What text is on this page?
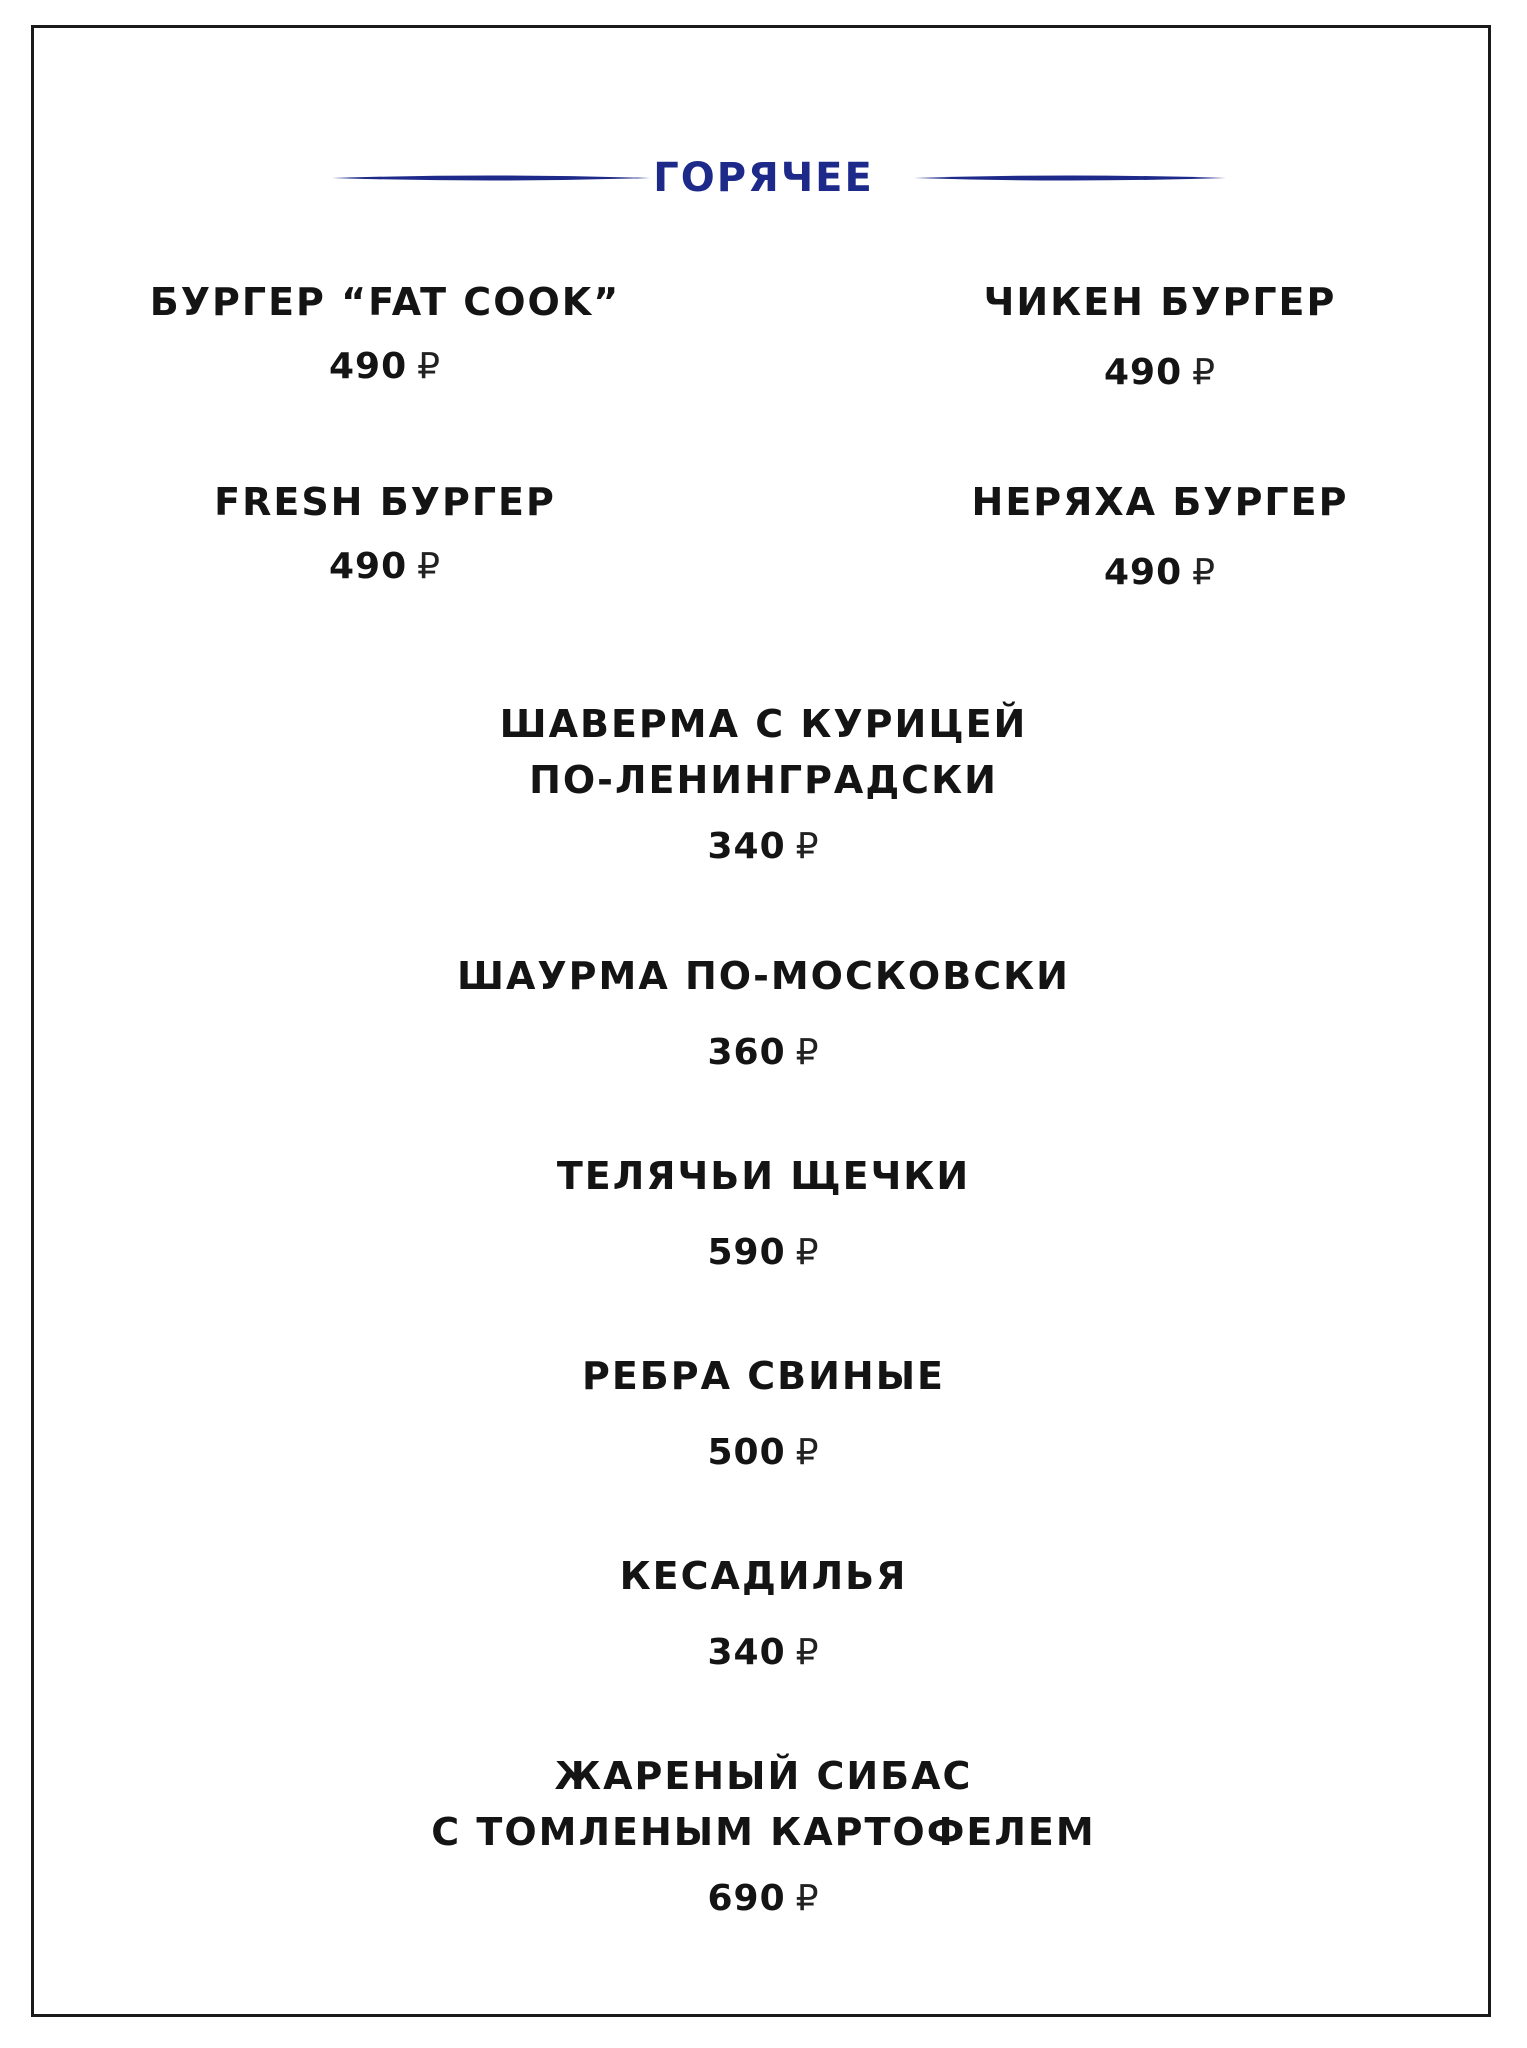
ГОРЯЧЕЕ
БУРГЕР “FAT COOK”
490 ₽
ЧИКЕН БУРГЕР
490 ₽
FRESH БУРГЕР
490 ₽
НЕРЯХА БУРГЕР
490 ₽
ШАВЕРМА С КУРИЦЕЙ
ПО-ЛЕНИНГРАДСКИ
340 ₽
ШАУРМА ПО-МОСКОВСКИ
360 ₽
ТЕЛЯЧЬИ ЩЕЧКИ
590 ₽
РЕБРА СВИНЫЕ
500 ₽
КЕСАДИЛЬЯ
340 ₽
ЖАРЕНЫЙ СИБАС
С ТОМЛЕНЫМ КАРТОФЕЛЕМ
690 ₽
